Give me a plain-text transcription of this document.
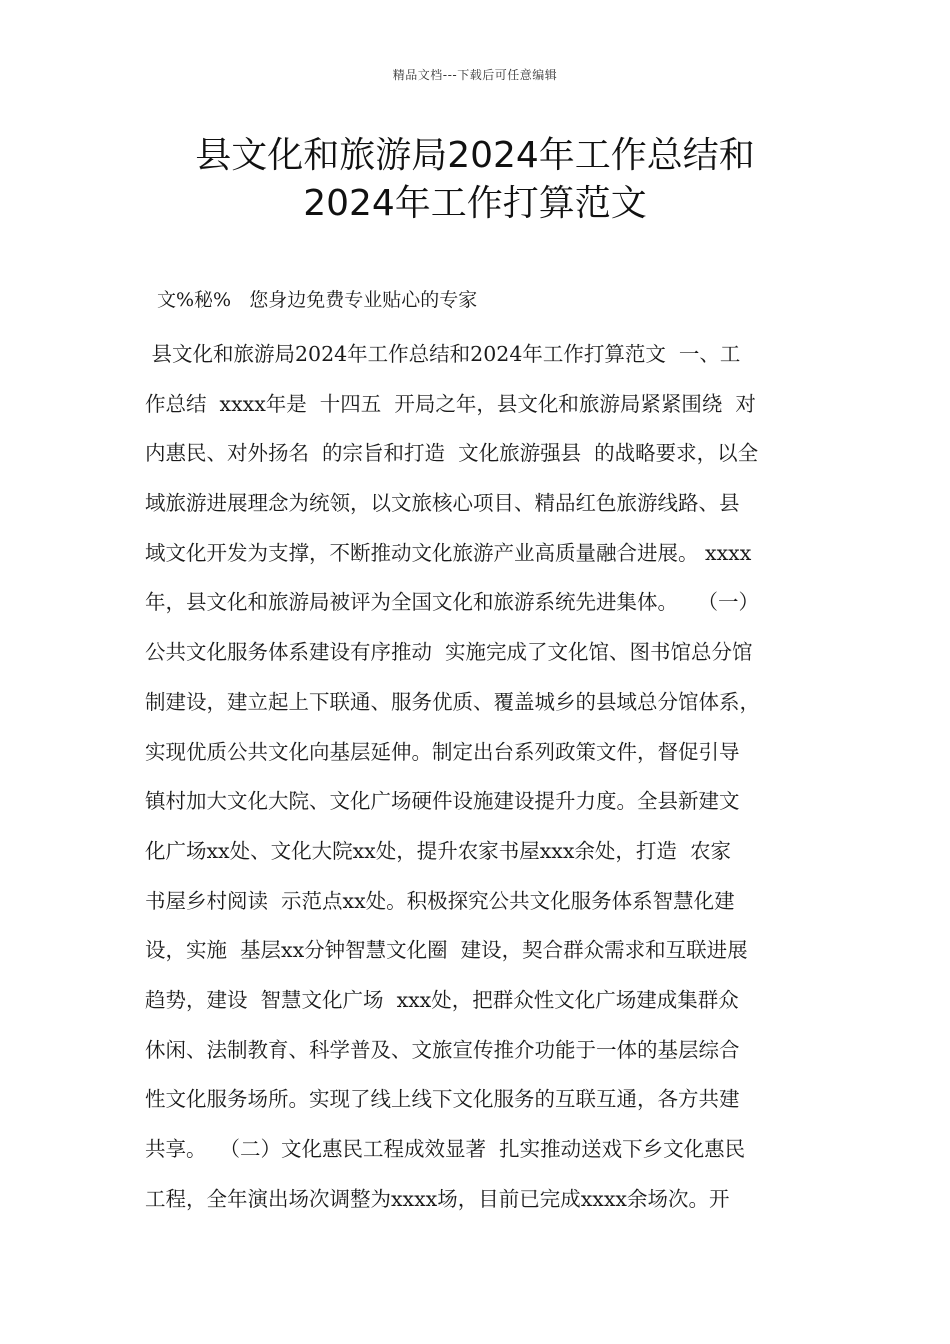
精品文档---下载后可任意编辑
县文化和旅游局2024年工作总结和
2024年工作打算范文
文%秘%   您身边免费专业贴心的专家
县文化和旅游局2024年工作总结和2024年工作打算范文  一、工
作总结  xxxx年是  十四五  开局之年，县文化和旅游局紧紧围绕  对
内惠民、对外扬名  的宗旨和打造  文化旅游强县  的战略要求，以全
域旅游进展理念为统领，以文旅核心项目、精品红色旅游线路、县
域文化开发为支撑，不断推动文化旅游产业高质量融合进展。 xxxx
年，县文化和旅游局被评为全国文化和旅游系统先进集体。   （一）
公共文化服务体系建设有序推动  实施完成了文化馆、图书馆总分馆
制建设，建立起上下联通、服务优质、覆盖城乡的县域总分馆体系，
实现优质公共文化向基层延伸。制定出台系列政策文件，督促引导
镇村加大文化大院、文化广场硬件设施建设提升力度。全县新建文
化广场xx处、文化大院xx处，提升农家书屋xxx余处，打造  农家
书屋乡村阅读  示范点xx处。积极探究公共文化服务体系智慧化建
设，实施  基层xx分钟智慧文化圈  建设，契合群众需求和互联进展
趋势，建设  智慧文化广场  xxx处，把群众性文化广场建成集群众
休闲、法制教育、科学普及、文旅宣传推介功能于一体的基层综合
性文化服务场所。实现了线上线下文化服务的互联互通，各方共建
共享。  （二）文化惠民工程成效显著  扎实推动送戏下乡文化惠民
工程，全年演出场次调整为xxxx场，目前已完成xxxx余场次。开
